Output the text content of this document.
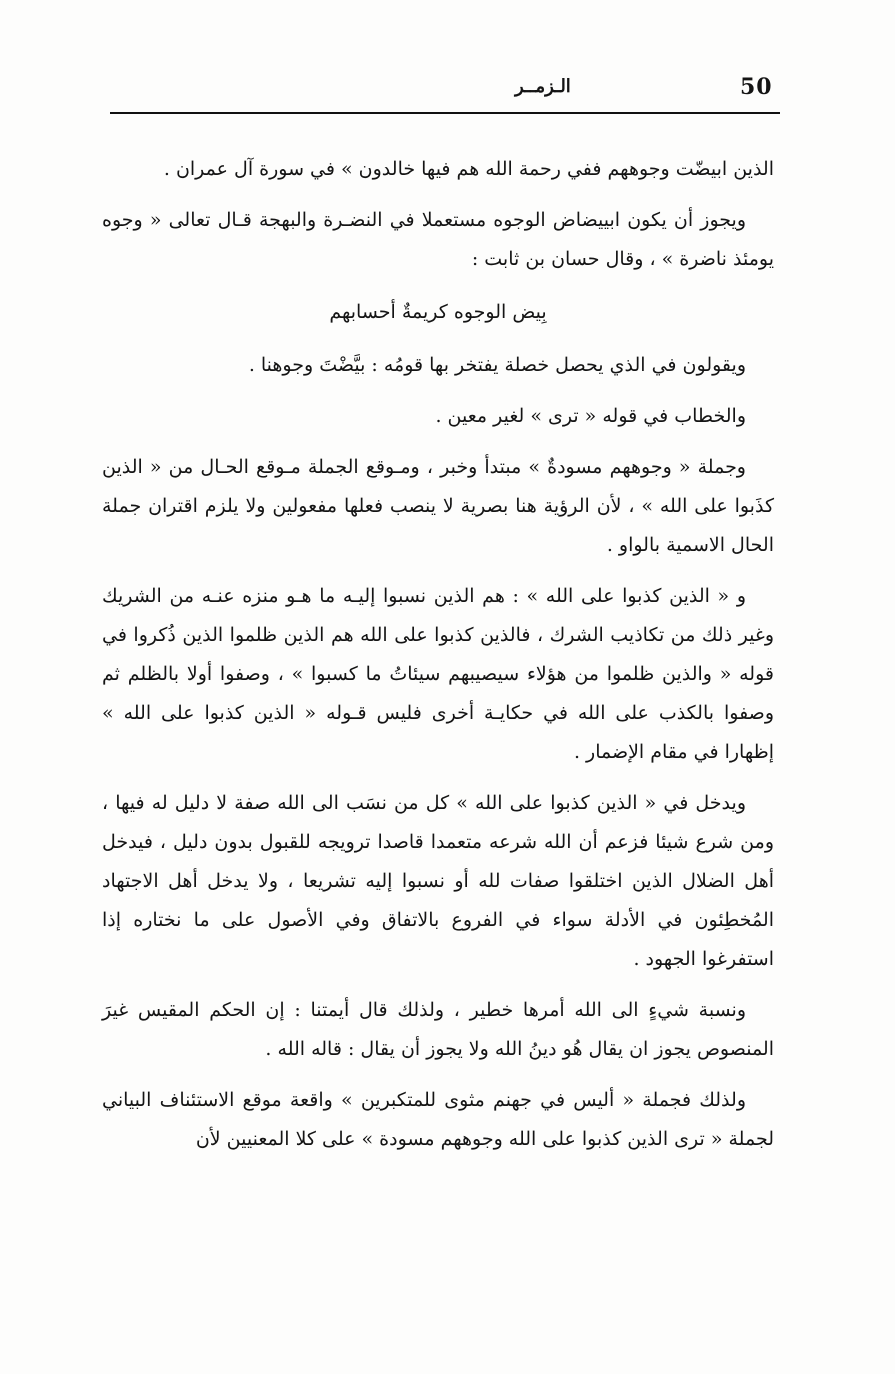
50
الـزمــر

الذين ابيضّت وجوههم ففي رحمة الله هم فيها خالدون » في سورة آل عمران .

ويجوز أن يكون ابييضاض الوجوه مستعملا في النضـرة والبهجة قـال تعالى « وجوه يومئذ ناضرة » ، وقال حسان بن ثابت :

بِيض الوجوه كريمةٌ أحسابهم

ويقولون في الذي يحصل خصلة يفتخر بها قومُه : بيَّضْتَ وجوهنا .

والخطاب في قوله « ترى » لغير معين .

وجملة « وجوههم مسودةٌ » مبتدأ وخبر ، ومـوقع الجملة مـوقع الحـال من « الذين كذَبوا على الله » ، لأن الرؤية هنا بصرية لا ينصب فعلها مفعولين ولا يلزم اقتران جملة الحال الاسمية بالواو .

و « الذين كذبوا على الله » : هم الذين نسبوا إليـه ما هـو منزه عنـه من الشريك وغير ذلك من تكاذيب الشرك ، فالذين كذبوا على الله هم الذين ظلموا الذين ذُكروا في قوله « والذين ظلموا من هؤلاء سيصيبهم سيئاتُ ما كسبوا » ، وصفوا أولا بالظلم ثم وصفوا بالكذب على الله في حكايـة أخرى فليس قـوله « الذين كذبوا على الله » إظهارا في مقام الإضمار .

ويدخل في « الذين كذبوا على الله » كل من نسَب الى الله صفة لا دليل له فيها ، ومن شرع شيئا فزعم أن الله شرعه متعمدا قاصدا ترويجه للقبول بدون دليل ، فيدخل أهل الضلال الذين اختلقوا صفات لله أو نسبوا إليه تشريعا ، ولا يدخل أهل الاجتهاد المُخطِئون في الأدلة سواء في الفروع بالاتفاق وفي الأصول على ما نختاره إذا استفرغوا الجهود .

ونسبة شيءٍ الى الله أمرها خطير ، ولذلك قال أيمتنا : إن الحكم المقيس غيرَ المنصوص يجوز ان يقال هُو دينُ الله ولا يجوز أن يقال : قاله الله .

ولذلك فجملة « أليس في جهنم مثوى للمتكبرين » واقعة موقع الاستئناف البياني لجملة « ترى الذين كذبوا على الله وجوههم مسودة » على كلا المعنيين لأن
